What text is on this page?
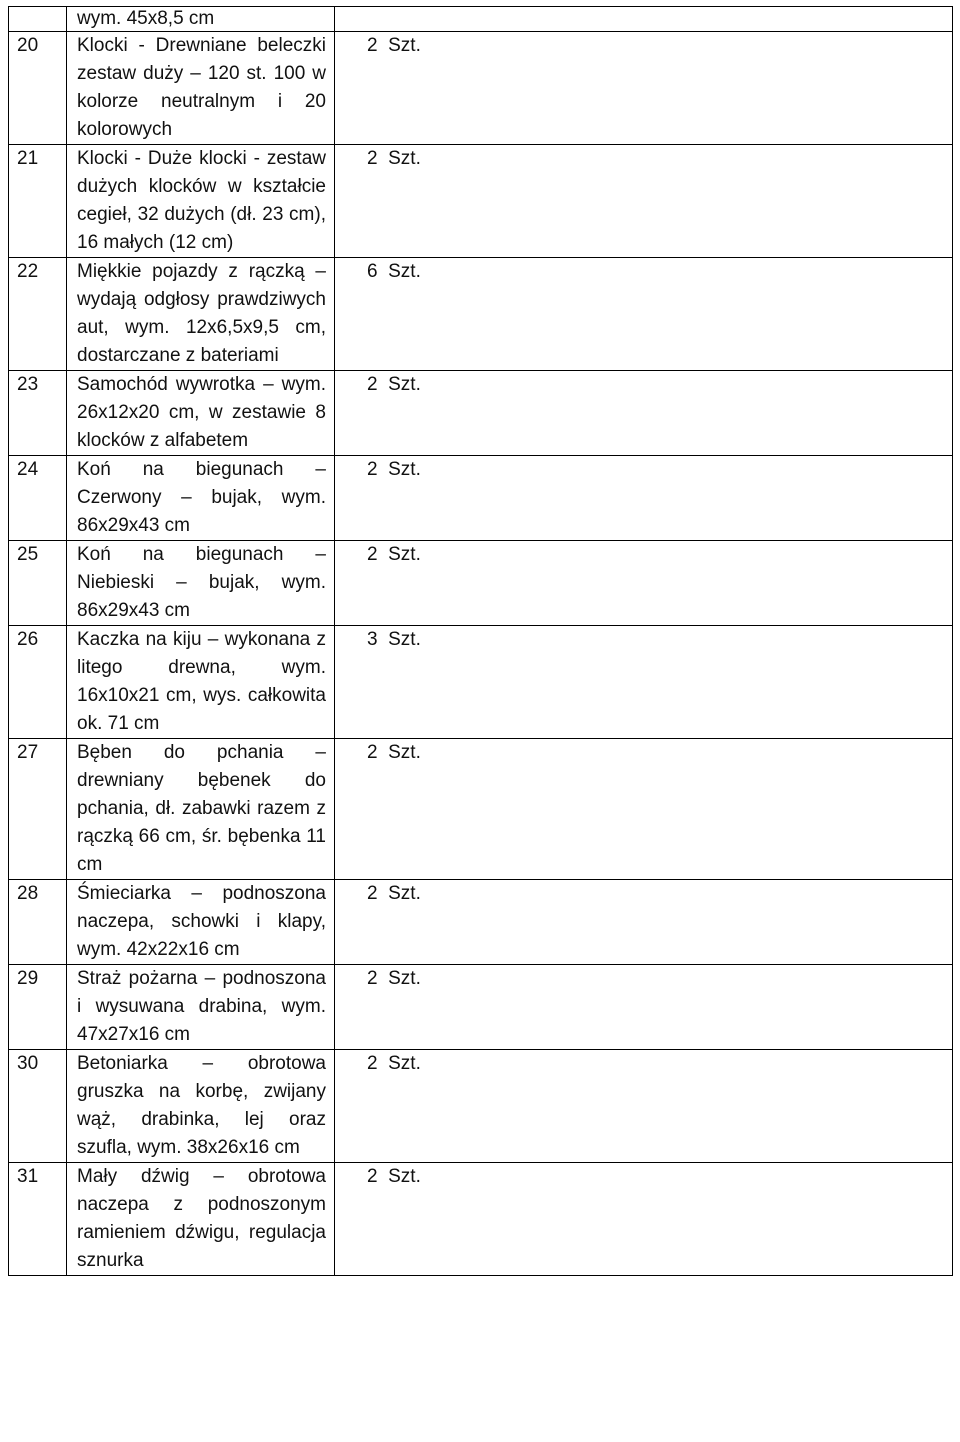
	wym. 45x8,5 cm	

20	Klocki - Drewniane beleczki zestaw duży – 120 st. 100 w kolorze neutralnym i 20 kolorowych	2  Szt.
21	Klocki - Duże klocki - zestaw dużych klocków w kształcie cegieł, 32 dużych (dł. 23 cm), 16 małych (12 cm)	2  Szt.
22	Miękkie pojazdy z rączką – wydają odgłosy prawdziwych aut, wym. 12x6,5x9,5 cm, dostarczane z bateriami	6  Szt.
23	Samochód wywrotka – wym. 26x12x20 cm, w zestawie 8 klocków z alfabetem	2  Szt.
24	Koń na biegunach – Czerwony – bujak, wym. 86x29x43 cm	2  Szt.
25	Koń na biegunach – Niebieski – bujak, wym. 86x29x43 cm	2  Szt.
26	Kaczka na kiju – wykonana z litego drewna, wym. 16x10x21 cm, wys. całkowita ok. 71 cm	3  Szt.
27	Bęben do pchania – drewniany bębenek do pchania, dł. zabawki razem z rączką 66 cm, śr. bębenka 11 cm	2  Szt.
28	Śmieciarka – podnoszona naczepa, schowki i klapy, wym. 42x22x16 cm	2  Szt.
29	Straż pożarna – podnoszona i wysuwana drabina, wym. 47x27x16 cm	2  Szt.
30	Betoniarka – obrotowa gruszka na korbę, zwijany wąż, drabinka, lej oraz szufla, wym. 38x26x16 cm	2  Szt.
31	Mały dźwig – obrotowa naczepa z podnoszonym ramieniem dźwigu, regulacja sznurka	2  Szt.
